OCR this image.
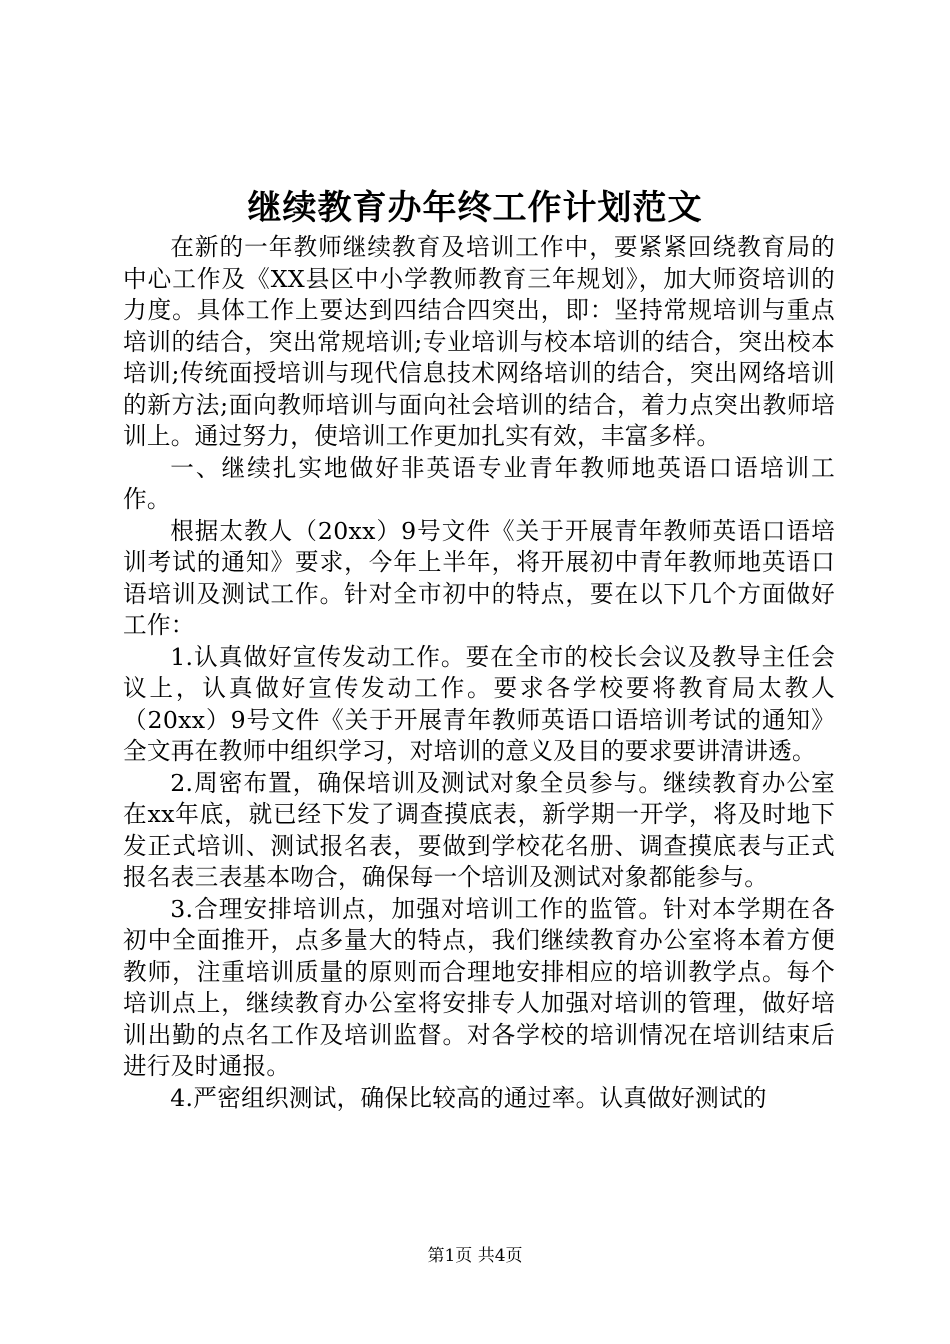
继续教育办年终工作计划范文

在新的一年教师继续教育及培训工作中，要紧紧回绕教育局的中心工作及《XX县区中小学教师教育三年规划》，加大师资培训的力度。具体工作上要达到四结合四突出，即：坚持常规培训与重点培训的结合，突出常规培训;专业培训与校本培训的结合，突出校本培训;传统面授培训与现代信息技术网络培训的结合，突出网络培训的新方法;面向教师培训与面向社会培训的结合，着力点突出教师培训上。通过努力，使培训工作更加扎实有效，丰富多样。

一、继续扎实地做好非英语专业青年教师地英语口语培训工作。

根据太教人（20xx）9号文件《关于开展青年教师英语口语培训考试的通知》要求，今年上半年，将开展初中青年教师地英语口语培训及测试工作。针对全市初中的特点，要在以下几个方面做好工作：

1.认真做好宣传发动工作。要在全市的校长会议及教导主任会议上，认真做好宣传发动工作。要求各学校要将教育局太教人（20xx）9号文件《关于开展青年教师英语口语培训考试的通知》全文再在教师中组织学习，对培训的意义及目的要求要讲清讲透。

2.周密布置，确保培训及测试对象全员参与。继续教育办公室在xx年底，就已经下发了调查摸底表，新学期一开学，将及时地下发正式培训、测试报名表，要做到学校花名册、调查摸底表与正式报名表三表基本吻合，确保每一个培训及测试对象都能参与。

3.合理安排培训点，加强对培训工作的监管。针对本学期在各初中全面推开，点多量大的特点，我们继续教育办公室将本着方便教师，注重培训质量的原则而合理地安排相应的培训教学点。每个培训点上，继续教育办公室将安排专人加强对培训的管理，做好培训出勤的点名工作及培训监督。对各学校的培训情况在培训结束后进行及时通报。

4.严密组织测试，确保比较高的通过率。认真做好测试的

第1页 共4页
